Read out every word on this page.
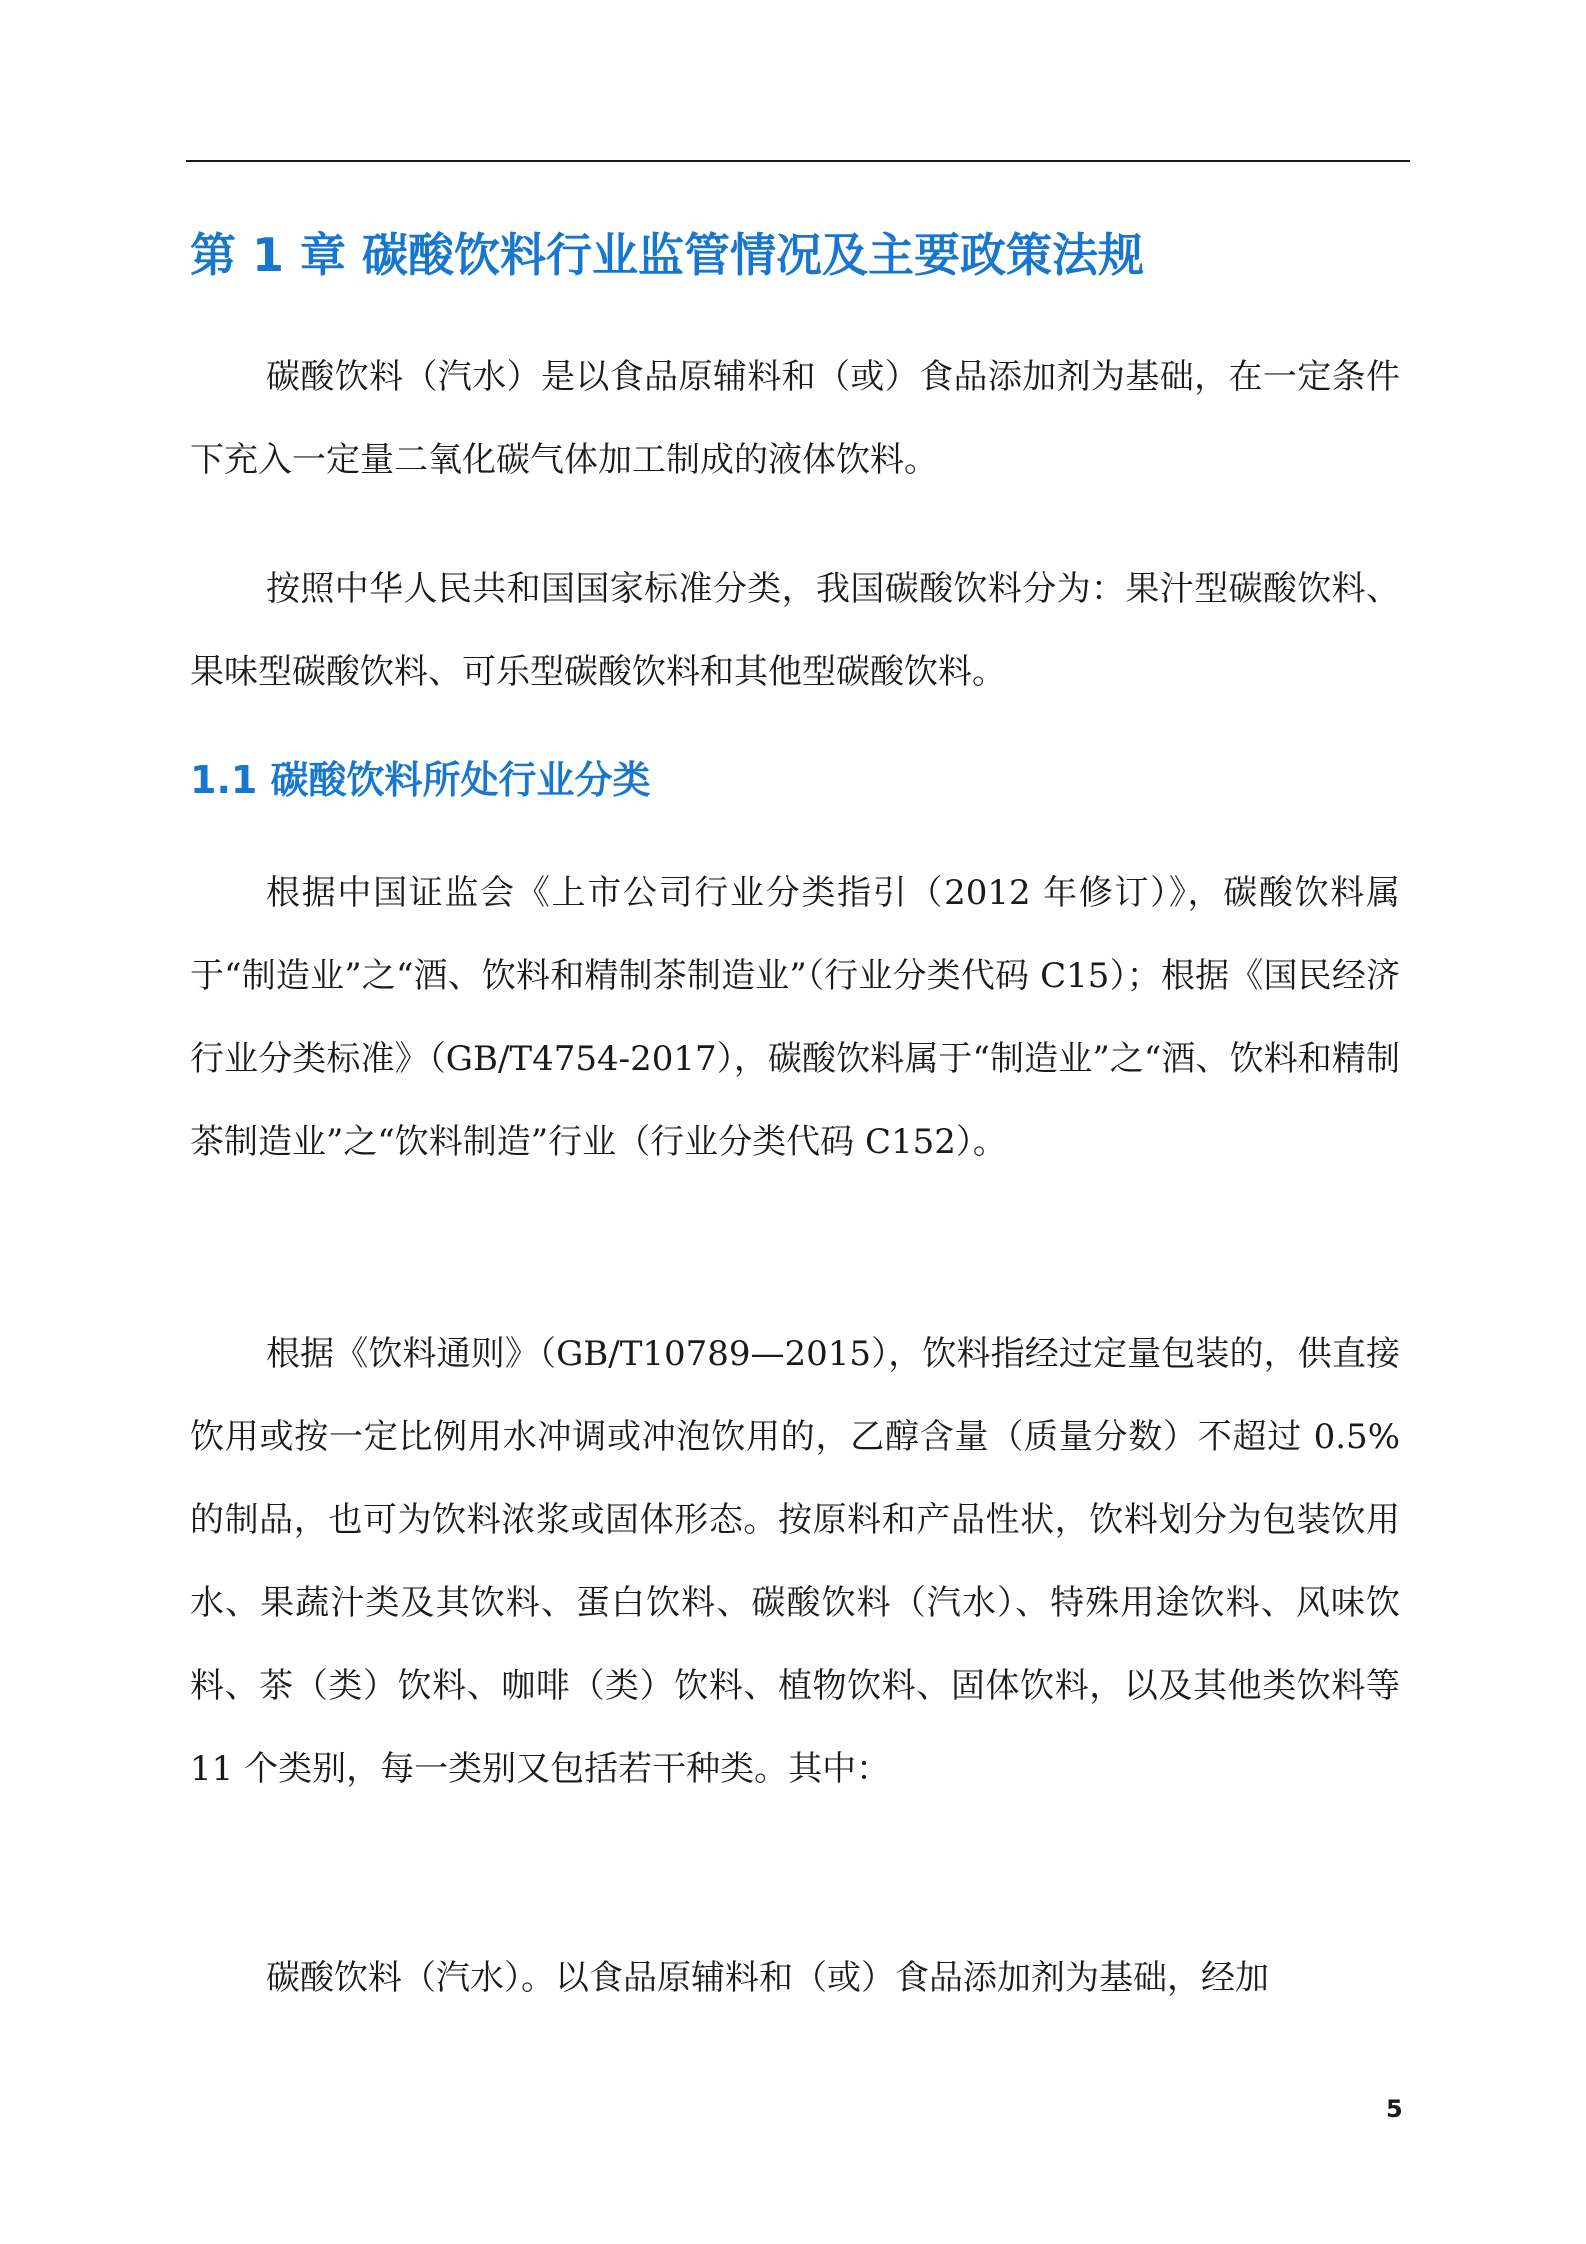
第 1 章 碳酸饮料行业监管情况及主要政策法规

碳酸饮料（汽水）是以食品原辅料和（或）食品添加剂为基础，在一定条件下充入一定量二氧化碳气体加工制成的液体饮料。

按照中华人民共和国国家标准分类，我国碳酸饮料分为：果汁型碳酸饮料、果味型碳酸饮料、可乐型碳酸饮料和其他型碳酸饮料。

1.1 碳酸饮料所处行业分类

根据中国证监会《上市公司行业分类指引（2012 年修订）》，碳酸饮料属于“制造业”之“酒、饮料和精制茶制造业”（行业分类代码 C15）；根据《国民经济行业分类标准》（GB/T4754-2017），碳酸饮料属于“制造业”之“酒、饮料和精制茶制造业”之“饮料制造”行业（行业分类代码 C152）。

根据《饮料通则》（GB/T10789—2015），饮料指经过定量包装的，供直接饮用或按一定比例用水冲调或冲泡饮用的，乙醇含量（质量分数）不超过 0.5%的制品，也可为饮料浓浆或固体形态。按原料和产品性状，饮料划分为包装饮用水、果蔬汁类及其饮料、蛋白饮料、碳酸饮料（汽水）、特殊用途饮料、风味饮料、茶（类）饮料、咖啡（类）饮料、植物饮料、固体饮料，以及其他类饮料等 11 个类别，每一类别又包括若干种类。其中：

碳酸饮料（汽水）。以食品原辅料和（或）食品添加剂为基础，经加

5
